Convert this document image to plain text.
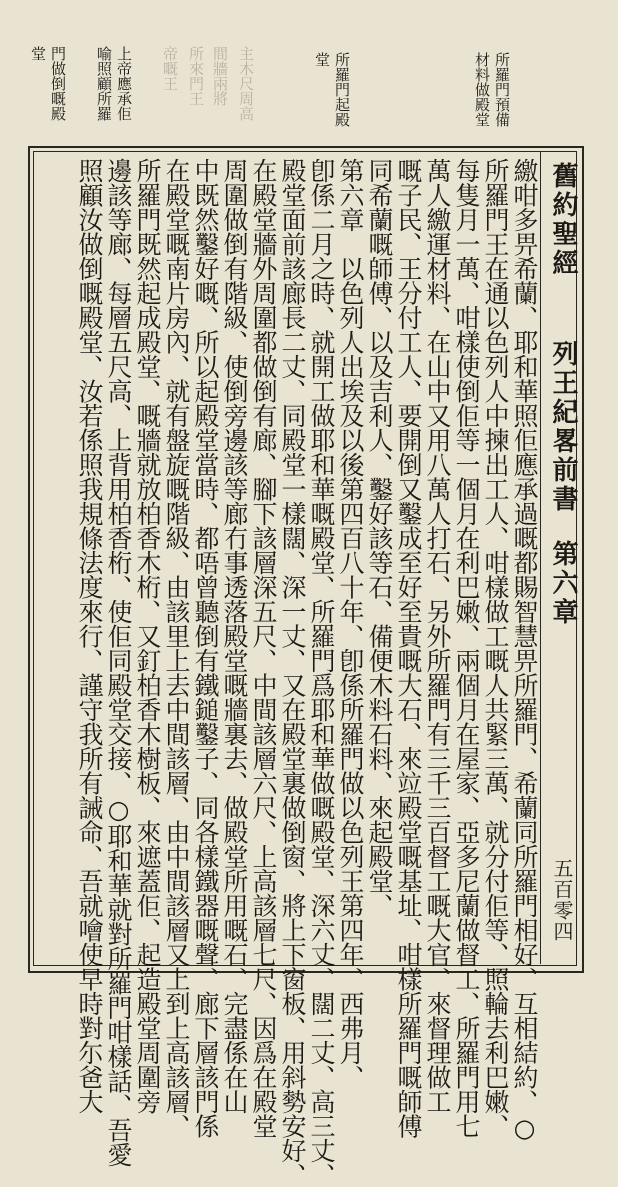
所羅門預備
材料做殿堂
所羅門起殿
堂
主木尺周高
間牆兩將
所來門王
帝嘅王
上帝應承佢
喻照顧所羅
門做倒嘅殿
堂
舊約聖經
列王紀畧前書
第六章
五百零四
繳咁多畀希蘭、耶和華照佢應承過嘅都賜智慧畀所羅門、希蘭同所羅門相好、互相結約、○
所羅門王在通以色列人中揀出工人、咁樣做工嘅人共緊三萬、就分付佢等、照輪去利巴嫩、
每隻月一萬、咁樣使倒佢等一個月在利巴嫩、兩個月在屋家、亞多尼蘭做督工、所羅門用七
萬人繳運材料、在山中又用八萬人打石、另外所羅門有三千三百督工嘅大官、來督理做工
嘅子民、王分付工人、要開倒又鑿成至好至貴嘅大石、來竝殿堂嘅基址、咁樣所羅門嘅師傅
同希蘭嘅師傅、以及吉利人、鑿好該等石、備便木料石料、來起殿堂、
第六章　以色列人出埃及以後第四百八十年、卽係所羅門做以色列王第四年、西弗月、
卽係二月之時、就開工做耶和華嘅殿堂、所羅門爲耶和華做嘅殿堂、深六丈、闊二丈、高三丈、
殿堂面前該廊長二丈、同殿堂一樣闊、深一丈、又在殿堂裏做倒窗、將上下窗板、用斜勢安好、
在殿堂牆外周圍都做倒有廊、腳下該層深五尺、中間該層六尺、上高該層七尺、因爲在殿堂
周圍做倒有階級、使倒旁邊該等廊冇事透落殿堂嘅牆裏去、做殿堂所用嘅石、完盡係在山
中既然鑿好嘅、所以起殿堂當時、都唔曾聽倒有鐵鎚鑿子、同各樣鐵器嘅聲、廊下層該門係
在殿堂嘅南片房內、就有盤旋嘅階級、由該里上去中間該層、由中間該層又上到上高該層、
所羅門既然起成殿堂、嘅牆就放柏香木桁、又釘柏香木樹板、來遮蓋佢、起造殿堂周圍旁
邊該等廊、每層五尺高、上背用柏香桁、使佢同殿堂交接、○耶和華就對所羅門咁樣話、吾愛
照顧汝做倒嘅殿堂、汝若係照我規條法度來行、謹守我所有誡命、吾就噲使早時對尓爸大
